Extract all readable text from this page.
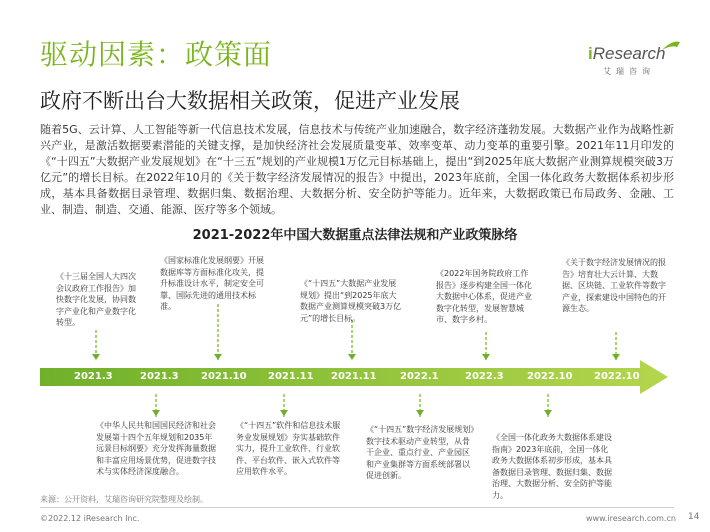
驱动因素：政策面	iResearch
艾瑞咨询
政府不断出台大数据相关政策，促进产业发展
随着5G、云计算、人工智能等新一代信息技术发展，信息技术与传统产业加速融合，数字经济蓬勃发展。大数据产业作为战略性新兴产业，是激活数据要素潜能的关键支撑，是加快经济社会发展质量变革、效率变革、动力变革的重要引擎。2021年11月印发的《“十四五”大数据产业发展规划》在“十三五”规划的产业规模1万亿元目标基础上，提出“到2025年底大数据产业测算规模突破3万亿元”的增长目标。在2022年10月的《关于数字经济发展情况的报告》中提出，2023年底前，全国一体化政务大数据体系初步形成，基本具备数据目录管理、数据归集、数据治理、大数据分析、安全防护等能力。近年来，大数据政策已布局政务、金融、工业、制造、制造、交通、能源、医疗等多个领域。
2021-2022年中国大数据重点法律法规和产业政策脉络
2021.3	2021.3 2021.10 2021.11 2021.11 2022.1	2022.3 2022.10 2022.10
《十三届全国人大四次会议政府工作报告》加快数字化发展，协同数字产业化和产业数字化转型。
《国家标准化发展纲要》开展数据库等方面标准化攻关，提升标准设计水平，制定安全可靠、国际先进的通用技术标准。
《“十四五”大数据产业发展规划》提出“到2025年底大数据产业测算规模突破3万亿元”的增长目标。
《2022年国务院政府工作报告》逐步构建全国一体化大数据中心体系，促进产业数字化转型，发展智慧城市、数字乡村。
《关于数字经济发展情况的报告》培育壮大云计算、大数据、区块链、工业软件等数字产业，探索建设中国特色的开源生态。
《中华人民共和国国民经济和社会发展第十四个五年规划和2035年远景目标纲要》充分发挥海量数据和丰富应用场景优势，促进数字技术与实体经济深度融合。
《“十四五”软件和信息技术服务业发展规划》夯实基础软件实力，提升工业软件、行业软件、平台软件、嵌入式软件等应用软件水平。
《“十四五”数字经济发展规划》数字技术驱动产业转型，从骨干企业、重点行业、产业园区和产业集群等方面系统部署以促进创新。
《全国一体化政务大数据体系建设指南》2023年底前，全国一体化政务大数据体系初步形成，基本具备数据目录管理、数据归集、数据治理、大数据分析、安全防护等能力。
来源：公开资料，艾瑞咨询研究院整理及绘制。
©2022.12 iResearch Inc.	www.iresearch.com.cn 14
